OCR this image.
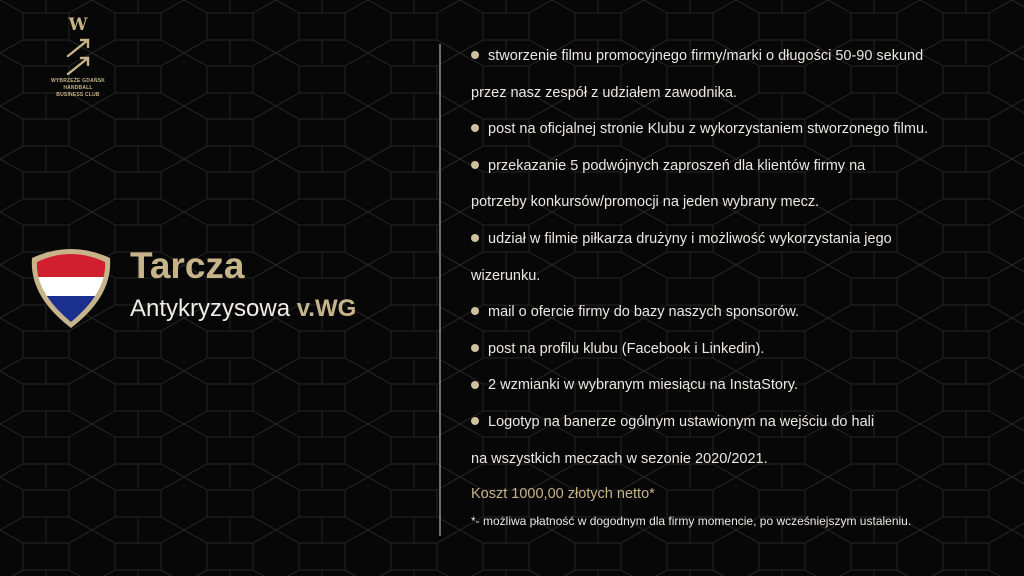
W
WYBRZEŻE GDAŃSK HANDBALL
BUSINESS CLUB
Tarcza
Antykryzysowa v.WG
stworzenie filmu promocyjnego firmy/marki o długości 50-90 sekund
przez nasz zespół z udziałem zawodnika.
post na oficjalnej stronie Klubu z wykorzystaniem stworzonego filmu.
przekazanie 5 podwójnych zaproszeń dla klientów firmy na
potrzeby konkursów/promocji na jeden wybrany mecz.
udział w filmie piłkarza drużyny i możliwość wykorzystania jego
wizerunku.
mail o ofercie firmy do bazy naszych sponsorów.
post na profilu klubu (Facebook i Linkedin).
2 wzmianki w wybranym miesiącu na InstaStory.
Logotyp na banerze ogólnym ustawionym na wejściu do hali
na wszystkich meczach w sezonie 2020/2021.
Koszt 1000,00 złotych netto*
*- możliwa płatność w dogodnym dla firmy momencie, po wcześniejszym ustaleniu.
